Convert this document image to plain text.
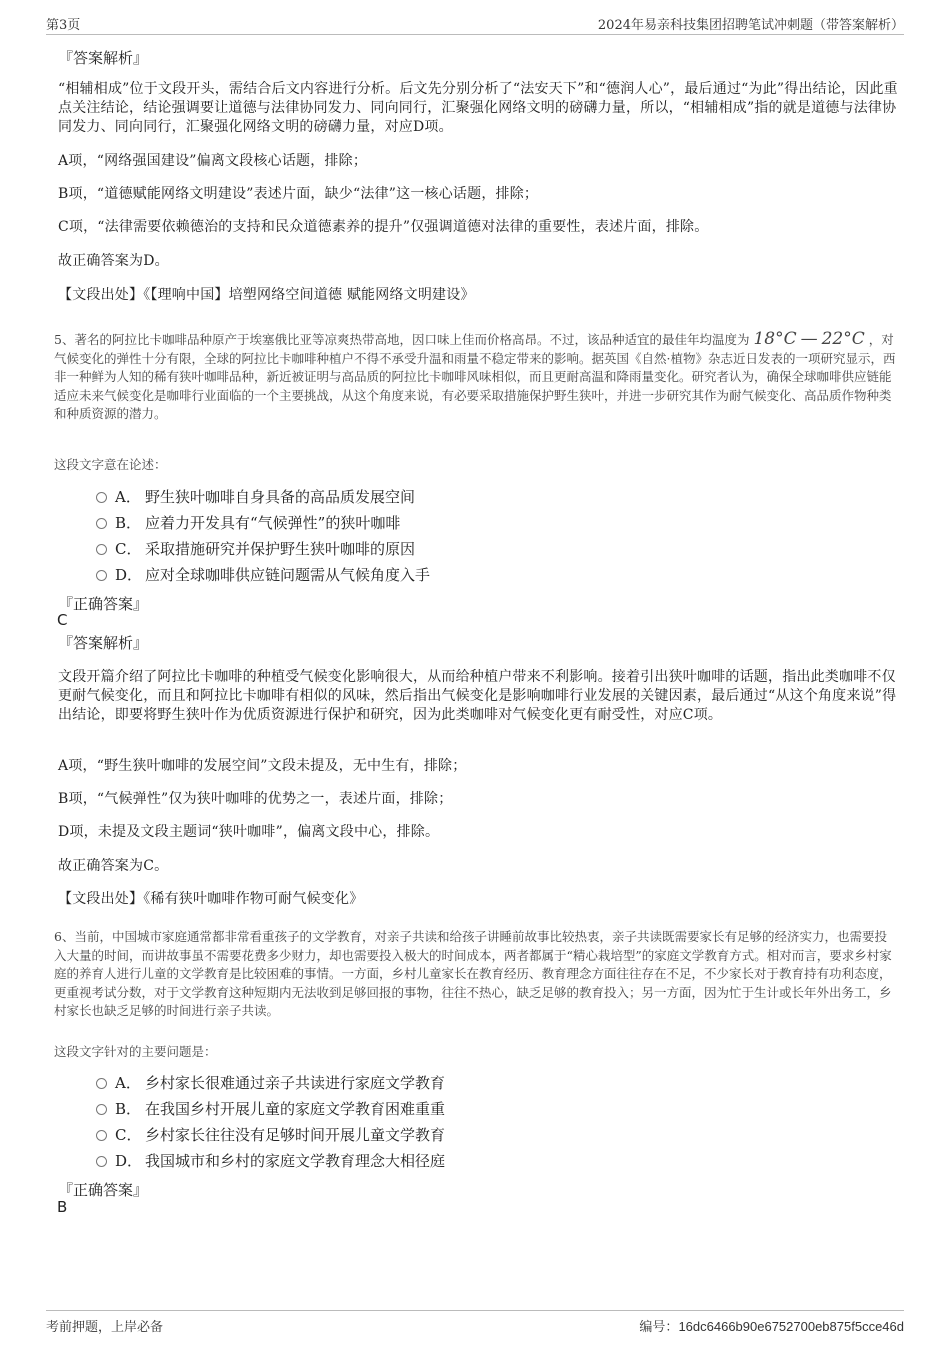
第3页	2024年易亲科技集团招聘笔试冲刺题（带答案解析）
『答案解析』
“相辅相成”位于文段开头，需结合后文内容进行分析。后文先分别分析了“法安天下”和“德润人心”，最后通过“为此”得出结论，因此重点关注结论，结论强调要让道德与法律协同发力、同向同行，汇聚强化网络文明的磅礴力量，所以，“相辅相成”指的就是道德与法律协同发力、同向同行，汇聚强化网络文明的磅礴力量，对应D项。
A项，“网络强国建设”偏离文段核心话题，排除；
B项，“道德赋能网络文明建设”表述片面，缺少“法律”这一核心话题，排除；
C项，“法律需要依赖德治的支持和民众道德素养的提升”仅强调道德对法律的重要性，表述片面，排除。
故正确答案为D。
【文段出处】《【理响中国】培塑网络空间道德 赋能网络文明建设》
5、著名的阿拉比卡咖啡品种原产于埃塞俄比亚等凉爽热带高地，因口味上佳而价格高昂。不过，该品种适宜的最佳年均温度为 18°C — 22°C ，对气候变化的弹性十分有限，全球的阿拉比卡咖啡种植户不得不承受升温和雨量不稳定带来的影响。据英国《自然·植物》杂志近日发表的一项研究显示，西非一种鲜为人知的稀有狭叶咖啡品种，新近被证明与高品质的阿拉比卡咖啡风味相似，而且更耐高温和降雨量变化。研究者认为，确保全球咖啡供应链能适应未来气候变化是咖啡行业面临的一个主要挑战，从这个角度来说，有必要采取措施保护野生狭叶，并进一步研究其作为耐气候变化、高品质作物种类和种质资源的潜力。
这段文字意在论述：
A． 野生狭叶咖啡自身具备的高品质发展空间
B． 应着力开发具有“气候弹性”的狭叶咖啡
C． 采取措施研究并保护野生狭叶咖啡的原因
D． 应对全球咖啡供应链问题需从气候角度入手
『正确答案』
C
『答案解析』
文段开篇介绍了阿拉比卡咖啡的种植受气候变化影响很大，从而给种植户带来不利影响。接着引出狭叶咖啡的话题，指出此类咖啡不仅更耐气候变化，而且和阿拉比卡咖啡有相似的风味，然后指出气候变化是影响咖啡行业发展的关键因素，最后通过“从这个角度来说”得出结论，即要将野生狭叶作为优质资源进行保护和研究，因为此类咖啡对气候变化更有耐受性，对应C项。
A项，“野生狭叶咖啡的发展空间”文段未提及，无中生有，排除；
B项，“气候弹性”仅为狭叶咖啡的优势之一，表述片面，排除；
D项，未提及文段主题词“狭叶咖啡”，偏离文段中心，排除。
故正确答案为C。
【文段出处】《稀有狭叶咖啡作物可耐气候变化》
6、当前，中国城市家庭通常都非常看重孩子的文学教育，对亲子共读和给孩子讲睡前故事比较热衷，亲子共读既需要家长有足够的经济实力，也需要投入大量的时间，而讲故事虽不需要花费多少财力，却也需要投入极大的时间成本，两者都属于“精心栽培型”的家庭文学教育方式。相对而言，要求乡村家庭的养育人进行儿童的文学教育是比较困难的事情。一方面，乡村儿童家长在教育经历、教育理念方面往往存在不足，不少家长对于教育持有功利态度，更重视考试分数，对于文学教育这种短期内无法收到足够回报的事物，往往不热心，缺乏足够的教育投入；另一方面，因为忙于生计或长年外出务工，乡村家长也缺乏足够的时间进行亲子共读。
这段文字针对的主要问题是：
A． 乡村家长很难通过亲子共读进行家庭文学教育
B． 在我国乡村开展儿童的家庭文学教育困难重重
C． 乡村家长往往没有足够时间开展儿童文学教育
D． 我国城市和乡村的家庭文学教育理念大相径庭
『正确答案』
B
考前押题，上岸必备	编号：16dc6466b90e6752700eb875f5cce46d
